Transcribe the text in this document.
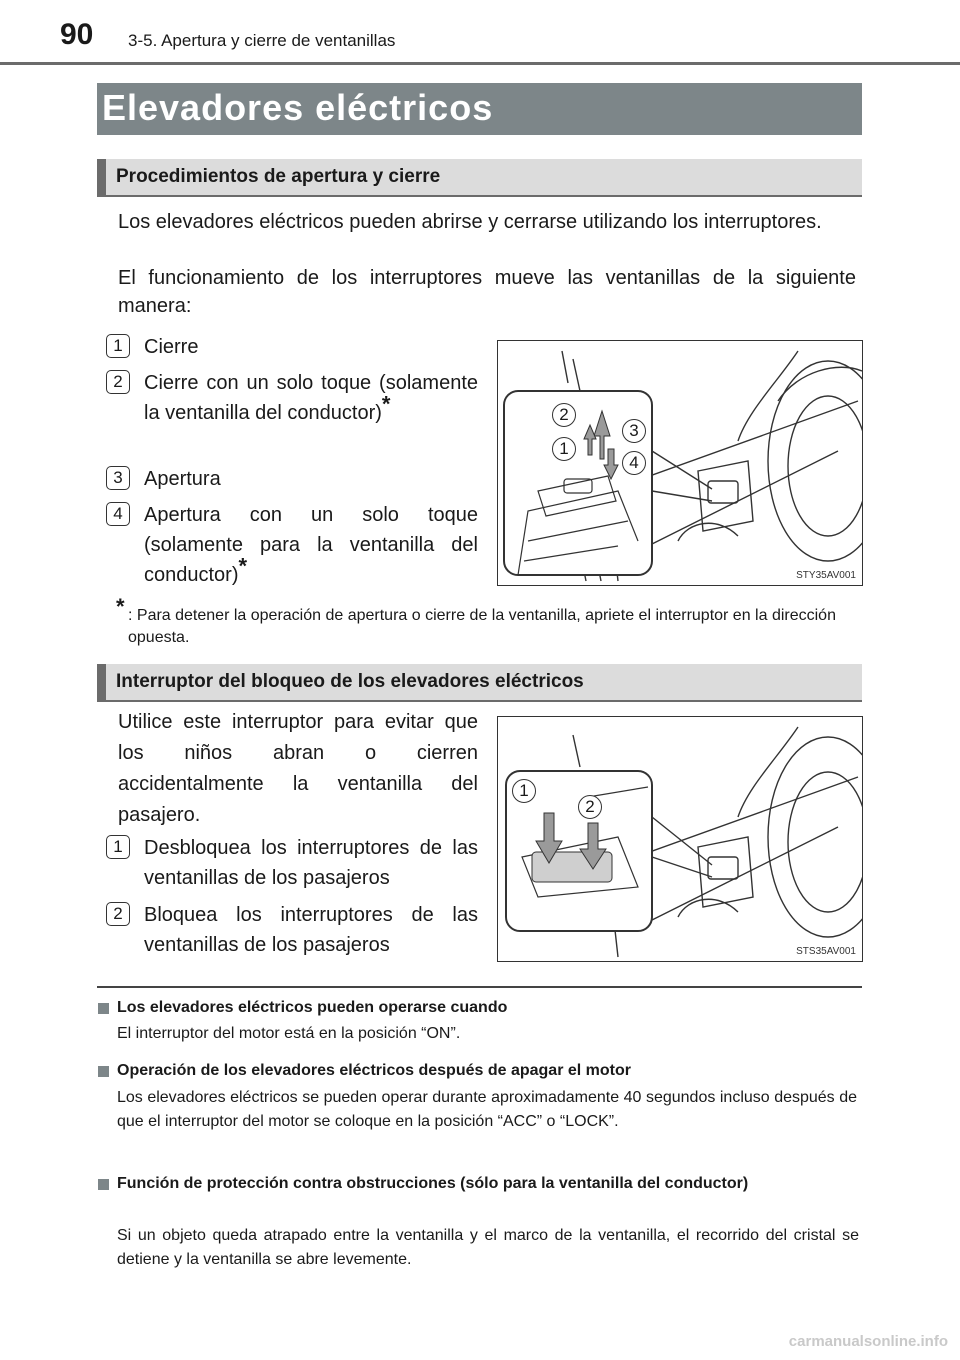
90 3-5. Apertura y cierre de ventanillas
Elevadores eléctricos
Procedimientos de apertura y cierre
Los elevadores eléctricos pueden abrirse y cerrarse utilizando los interruptores.
El funcionamiento de los interruptores mueve las ventanillas de la siguiente manera:
1	Cierre
2	Cierre con un solo toque (solamente la ventanilla del conductor)*
3	Apertura
4	Apertura con un solo toque (solamente para la ventanilla del conductor)*
2
1
3
4
STY35AV001
* : Para detener la operación de apertura o cierre de la ventanilla, apriete el interruptor en la dirección opuesta.
Interruptor del bloqueo de los elevadores eléctricos
Utilice este interruptor para evitar que los niños abran o cierren accidentalmente la ventanilla del pasajero.
1	Desbloquea los interruptores de las ventanillas de los pasajeros
2	Bloquea los interruptores de las ventanillas de los pasajeros
1
2
STS35AV001
Los elevadores eléctricos pueden operarse cuando
El interruptor del motor está en la posición “ON”.
Operación de los elevadores eléctricos después de apagar el motor
Los elevadores eléctricos se pueden operar durante aproximadamente 40 segundos incluso después de que el interruptor del motor se coloque en la posición “ACC” o “LOCK”.
Función de protección contra obstrucciones (sólo para la ventanilla del conductor)
Si un objeto queda atrapado entre la ventanilla y el marco de la ventanilla, el recorrido del cristal se detiene y la ventanilla se abre levemente.
carmanualsonline.info
